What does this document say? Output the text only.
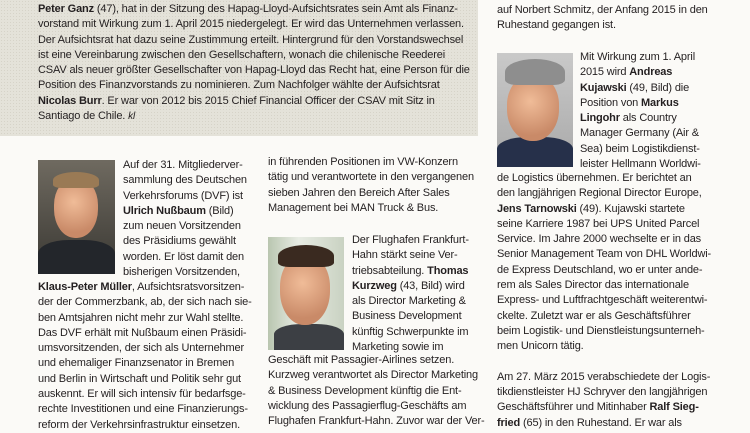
Peter Ganz (47), hat in der Sitzung des Hapag-Lloyd-Aufsichtsrates sein Amt als Finanz-
vorstand mit Wirkung zum 1. April 2015 niedergelegt. Er wird das Unternehmen verlassen.
Der Aufsichtsrat hat dazu seine Zustimmung erteilt. Hintergrund für den Vorstandswechsel
ist eine Vereinbarung zwischen den Gesellschaftern, wonach die chilenische Reederei
CSAV als neuer größter Gesellschafter von Hapag-Lloyd das Recht hat, eine Person für die
Position des Finanzvorstands zu nominieren. Zum Nachfolger wählte der Aufsichtsrat
Nicolas Burr. Er war von 2012 bis 2015 Chief Financial Officer der CSAV mit Sitz in
Santiago de Chile. kl
Auf der 31. Mitgliederver-
sammlung des Deutschen
Verkehrsforums (DVF) ist
Ulrich Nußbaum (Bild)
zum neuen Vorsitzenden
des Präsidiums gewählt
worden. Er löst damit den
bisherigen Vorsitzenden,
Klaus-Peter Müller, Aufsichtsratsvorsitzen-
der der Commerzbank, ab, der sich nach sie-
ben Amtsjahren nicht mehr zur Wahl stellte.
Das DVF erhält mit Nußbaum einen Präsidi-
umsvorsitzenden, der sich als Unternehmer
und ehemaliger Finanzsenator in Bremen
und Berlin in Wirtschaft und Politik sehr gut
auskennt. Er will sich intensiv für bedarfsge-
rechte Investitionen und eine Finanzierungs-
reform der Verkehrsinfrastruktur einsetzen.
in führenden Positionen im VW-Konzern
tätig und verantwortete in den vergangenen
sieben Jahren den Bereich After Sales
Management bei MAN Truck & Bus.
Der Flughafen Frankfurt-
Hahn stärkt seine Ver-
triebsabteilung. Thomas
Kurzweg (43, Bild) wird
als Director Marketing &
Business Development
künftig Schwerpunkte im
Marketing sowie im
Geschäft mit Passagier-Airlines setzen.
Kurzweg verantwortet als Director Marketing
& Business Development künftig die Ent-
wicklung des Passagierflug-Geschäfts am
Flughafen Frankfurt-Hahn. Zuvor war der Ver-
auf Norbert Schmitz, der Anfang 2015 in den
Ruhestand gegangen ist.
Mit Wirkung zum 1. April
2015 wird Andreas
Kujawski (49, Bild) die
Position von Markus
Lingohr als Country
Manager Germany (Air &
Sea) beim Logistikdienst-
leister Hellmann Worldwi-
de Logistics übernehmen. Er berichtet an
den langjährigen Regional Director Europe,
Jens Tarnowski (49). Kujawski startete
seine Karriere 1987 bei UPS United Parcel
Service. Im Jahre 2000 wechselte er in das
Senior Management Team von DHL Worldwi-
de Express Deutschland, wo er unter ande-
rem als Sales Director das internationale
Express- und Luftfrachtgeschäft weiterentwi-
ckelte. Zuletzt war er als Geschäftsführer
beim Logistik- und Dienstleistungsunterneh-
men Unicorn tätig.
Am 27. März 2015 verabschiedete der Logis-
tikdienstleister HJ Schryver den langjährigen
Geschäftsführer und Mitinhaber Ralf Sieg-
fried (65) in den Ruhestand. Er war als
